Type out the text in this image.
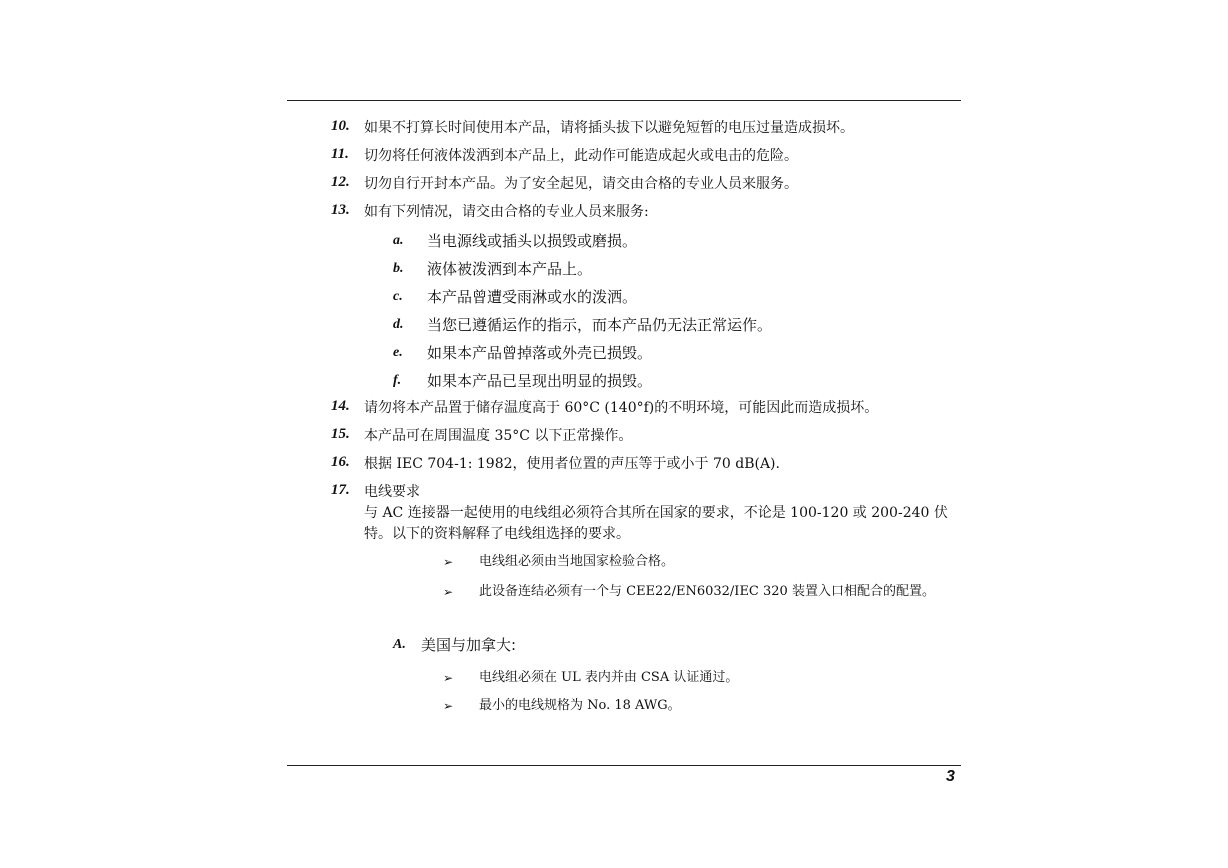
10. 如果不打算长时间使用本产品，请将插头拔下以避免短暂的电压过量造成损坏。
11. 切勿将任何液体泼洒到本产品上，此动作可能造成起火或电击的危险。
12. 切勿自行开封本产品。为了安全起见，请交由合格的专业人员来服务。
13. 如有下列情况，请交由合格的专业人员来服务:
a. 当电源线或插头以损毁或磨损。
b. 液体被泼洒到本产品上。
c. 本产品曾遭受雨淋或水的泼洒。
d. 当您已遵循运作的指示，而本产品仍无法正常运作。
e. 如果本产品曾掉落或外壳已损毁。
f. 如果本产品已呈现出明显的损毁。
14. 请勿将本产品置于储存温度高于 60°C (140°f)的不明环境，可能因此而造成损坏。
15. 本产品可在周围温度 35°C 以下正常操作。
16. 根据 IEC 704-1: 1982，使用者位置的声压等于或小于 70 dB(A).
17. 电线要求
与 AC 连接器一起使用的电线组必须符合其所在国家的要求，不论是 100-120 或 200-240 伏特。以下的资料解释了电线组选择的要求。
➢ 电线组必须由当地国家检验合格。
➢ 此设备连结必须有一个与 CEE22/EN6032/IEC 320 装置入口相配合的配置。
A. 美国与加拿大:
➢ 电线组必须在 UL 表内并由 CSA 认证通过。
➢ 最小的电线规格为 No. 18 AWG。
3
